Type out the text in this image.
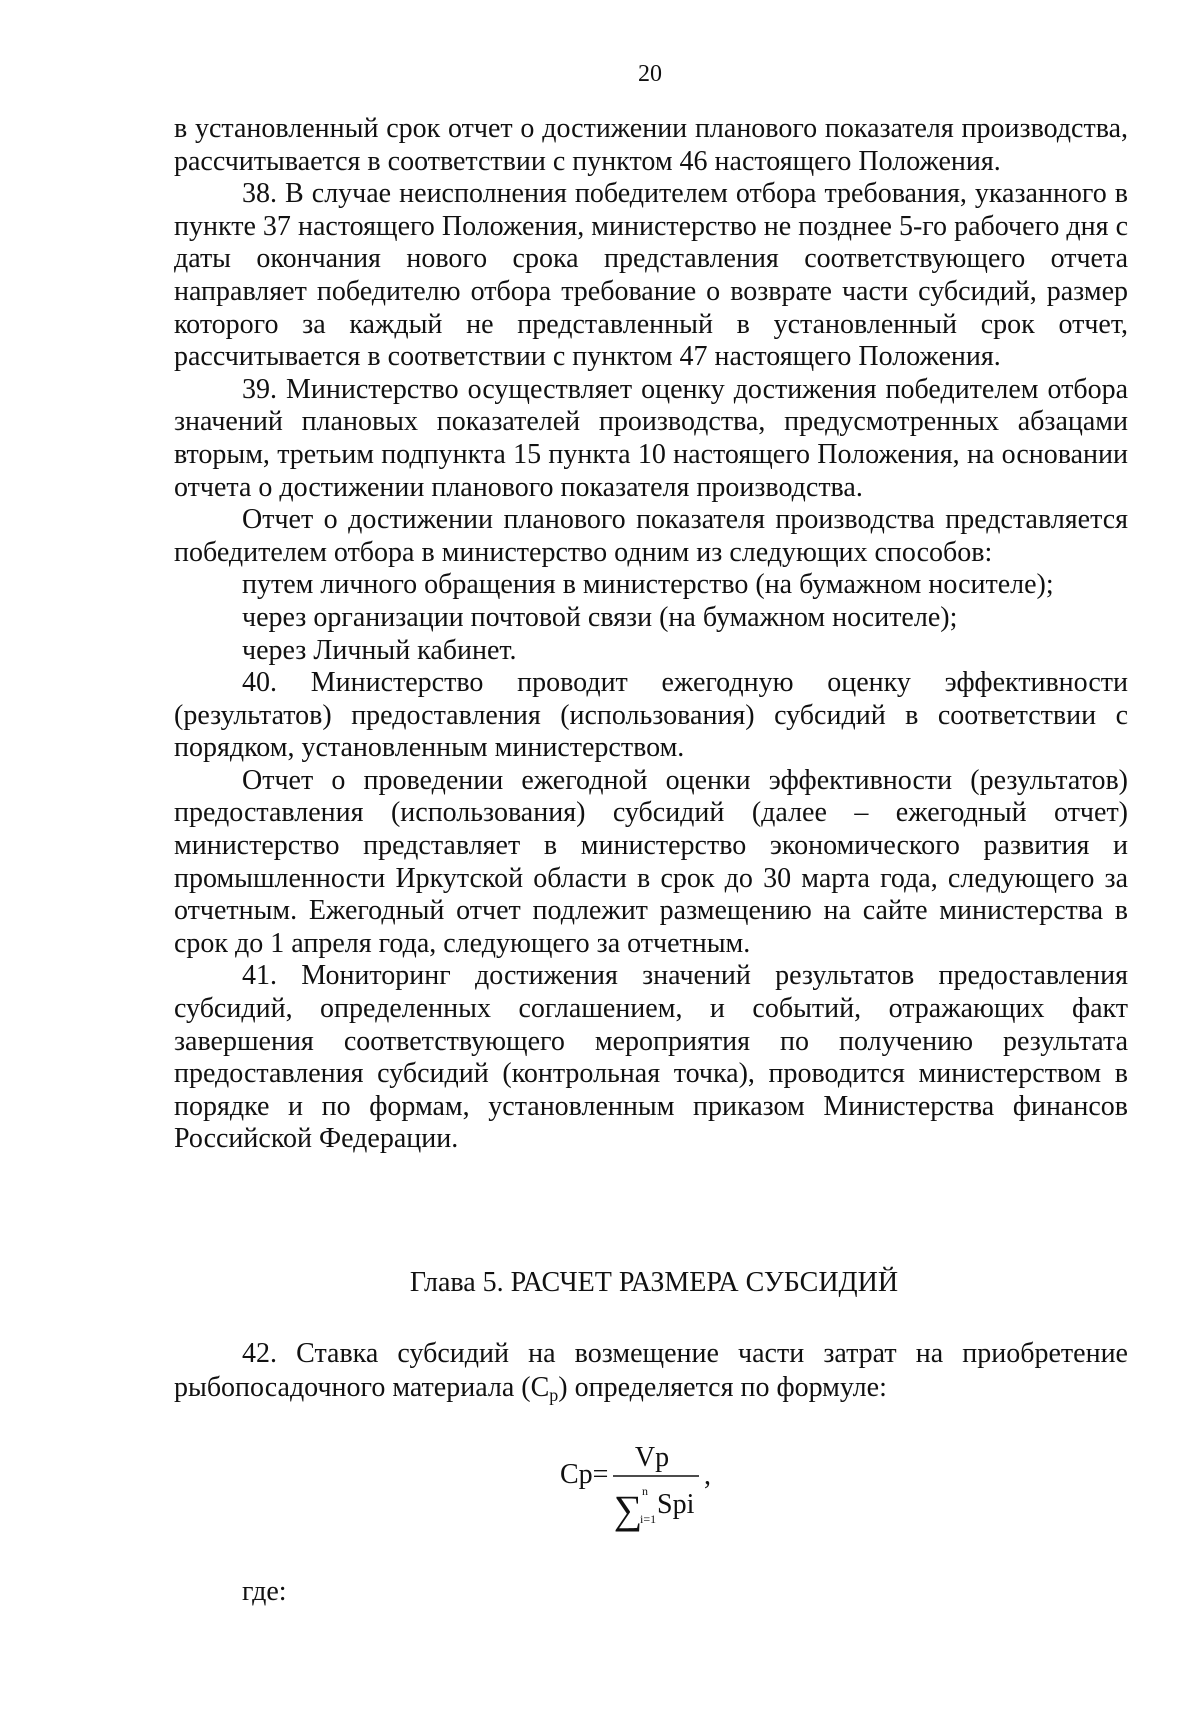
20

в установленный срок отчет о достижении планового показателя производства, рассчитывается в соответствии с пунктом 46 настоящего Положения.

38. В случае неисполнения победителем отбора требования, указанного в пункте 37 настоящего Положения, министерство не позднее 5-го рабочего дня с даты окончания нового срока представления соответствующего отчета направляет победителю отбора требование о возврате части субсидий, размер которого за каждый не представленный в установленный срок отчет, рассчитывается в соответствии с пунктом 47 настоящего Положения.

39. Министерство осуществляет оценку достижения победителем отбора значений плановых показателей производства, предусмотренных абзацами вторым, третьим подпункта 15 пункта 10 настоящего Положения, на основании отчета о достижении планового показателя производства.

Отчет о достижении планового показателя производства представляется победителем отбора в министерство одним из следующих способов:

путем личного обращения в министерство (на бумажном носителе);

через организации почтовой связи (на бумажном носителе);

через Личный кабинет.

40. Министерство проводит ежегодную оценку эффективности (результатов) предоставления (использования) субсидий в соответствии с порядком, установленным министерством.

Отчет о проведении ежегодной оценки эффективности (результатов) предоставления (использования) субсидий (далее – ежегодный отчет) министерство представляет в министерство экономического развития и промышленности Иркутской области в срок до 30 марта года, следующего за отчетным. Ежегодный отчет подлежит размещению на сайте министерства в срок до 1 апреля года, следующего за отчетным.

41. Мониторинг достижения значений результатов предоставления субсидий, определенных соглашением, и событий, отражающих факт завершения соответствующего мероприятия по получению результата предоставления субсидий (контрольная точка), проводится министерством в порядке и по формам, установленным приказом Министерства финансов Российской Федерации.

Глава 5. РАСЧЕТ РАЗМЕРА СУБСИДИЙ

42. Ставка субсидий на возмещение части затрат на приобретение рыбопосадочного материала $(С_р)$ определяется по формуле:

Cp=
Vp
∑ n
i=1 Spi
,
где:
